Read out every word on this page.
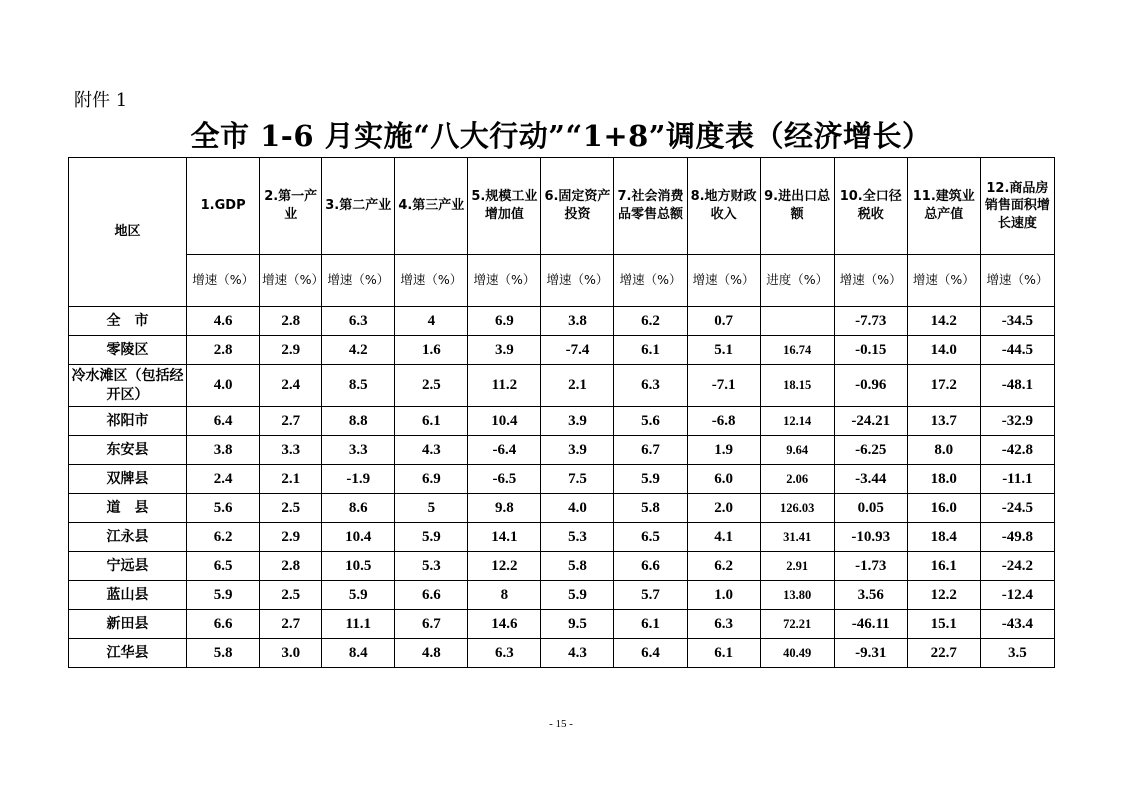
附件 1
全市 1-6 月实施“八大行动”“1+8”调度表（经济增长）
地区	1.GDP	2.第一产业	3.第二产业	4.第三产业	5.规模工业增加值	6.固定资产投资	7.社会消费品零售总额	8.地方财政收入	9.进出口总额	10.全口径税收	11.建筑业总产值	12.商品房销售面积增长速度
	增速（%）	增速（%）	增速（%）	增速（%）	增速（%）	增速（%）	增速（%）	增速（%）	进度（%）	增速（%）	增速（%）	增速（%）
全　市	4.6	2.8	6.3	4	6.9	3.8	6.2	0.7		-7.73	14.2	-34.5
零陵区	2.8	2.9	4.2	1.6	3.9	-7.4	6.1	5.1	16.74	-0.15	14.0	-44.5
冷水滩区（包括经开区）	4.0	2.4	8.5	2.5	11.2	2.1	6.3	-7.1	18.15	-0.96	17.2	-48.1
祁阳市	6.4	2.7	8.8	6.1	10.4	3.9	5.6	-6.8	12.14	-24.21	13.7	-32.9
东安县	3.8	3.3	3.3	4.3	-6.4	3.9	6.7	1.9	9.64	-6.25	8.0	-42.8
双牌县	2.4	2.1	-1.9	6.9	-6.5	7.5	5.9	6.0	2.06	-3.44	18.0	-11.1
道　县	5.6	2.5	8.6	5	9.8	4.0	5.8	2.0	126.03	0.05	16.0	-24.5
江永县	6.2	2.9	10.4	5.9	14.1	5.3	6.5	4.1	31.41	-10.93	18.4	-49.8
宁远县	6.5	2.8	10.5	5.3	12.2	5.8	6.6	6.2	2.91	-1.73	16.1	-24.2
蓝山县	5.9	2.5	5.9	6.6	8	5.9	5.7	1.0	13.80	3.56	12.2	-12.4
新田县	6.6	2.7	11.1	6.7	14.6	9.5	6.1	6.3	72.21	-46.11	15.1	-43.4
江华县	5.8	3.0	8.4	4.8	6.3	4.3	6.4	6.1	40.49	-9.31	22.7	3.5
- 15 -
